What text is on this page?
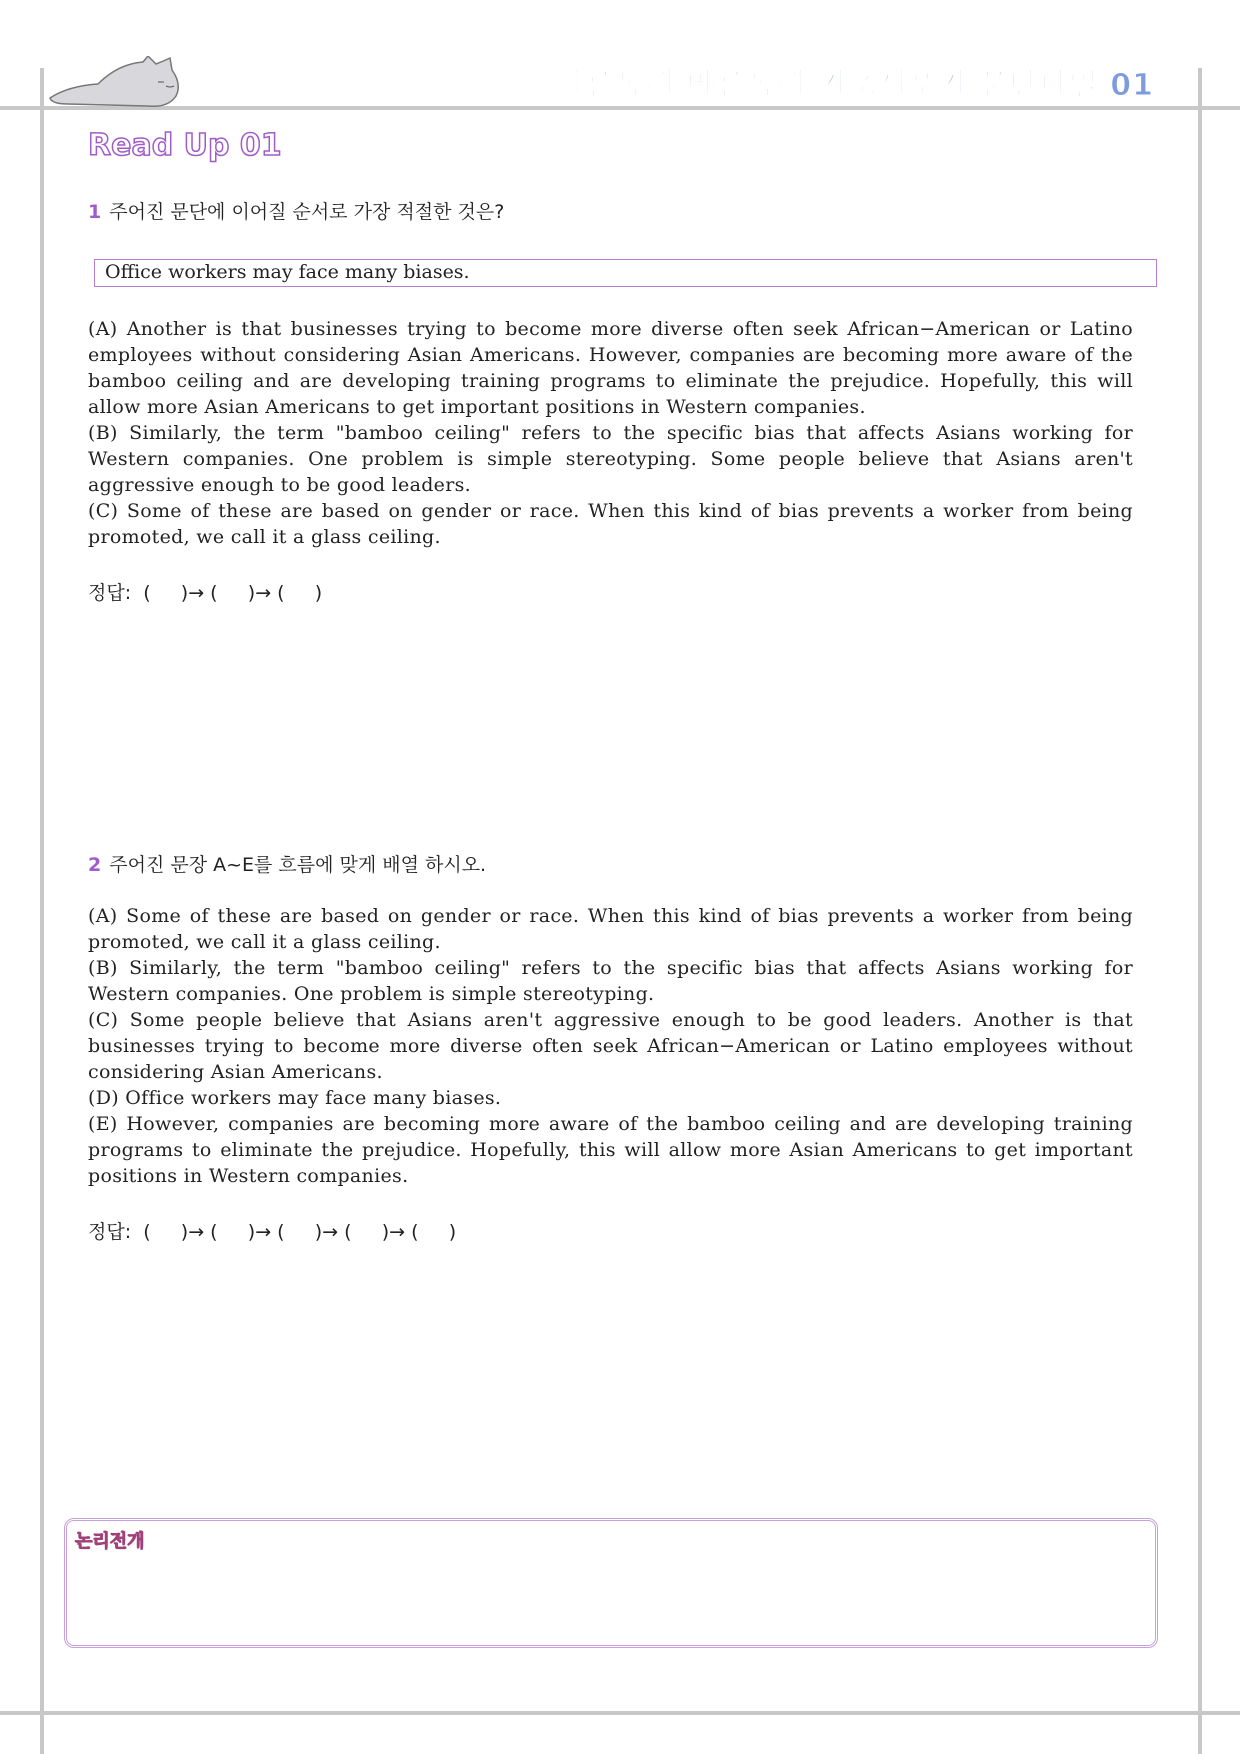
빠른독해 바른독해 기초세우기 문단나열 01
Read Up 01
1 주어진 문단에 이어질 순서로 가장 적절한 것은?
Office workers may face many biases.
(A) Another is that businesses trying to become more diverse often seek African−American or Latino employees without considering Asian Americans. However, companies are becoming more aware of the bamboo ceiling and are developing training programs to eliminate the prejudice. Hopefully, this will allow more Asian Americans to get important positions in Western companies.
(B) Similarly, the term "bamboo ceiling" refers to the specific bias that affects Asians working for Western companies. One problem is simple stereotyping. Some people believe that Asians aren't aggressive enough to be good leaders.
(C) Some of these are based on gender or race. When this kind of bias prevents a worker from being promoted, we call it a glass ceiling.
정답:  (     )→ (     )→ (     )
2 주어진 문장 A~E를 흐름에 맞게 배열 하시오.
(A) Some of these are based on gender or race. When this kind of bias prevents a worker from being promoted, we call it a glass ceiling.
(B) Similarly, the term "bamboo ceiling" refers to the specific bias that affects Asians working for Western companies. One problem is simple stereotyping.
(C) Some people believe that Asians aren't aggressive enough to be good leaders. Another is that businesses trying to become more diverse often seek African−American or Latino employees without considering Asian Americans.
(D) Office workers may face many biases.
(E) However, companies are becoming more aware of the bamboo ceiling and are developing training programs to eliminate the prejudice. Hopefully, this will allow more Asian Americans to get important positions in Western companies.
정답:  (     )→ (     )→ (     )→ (     )→ (     )
논리전개
